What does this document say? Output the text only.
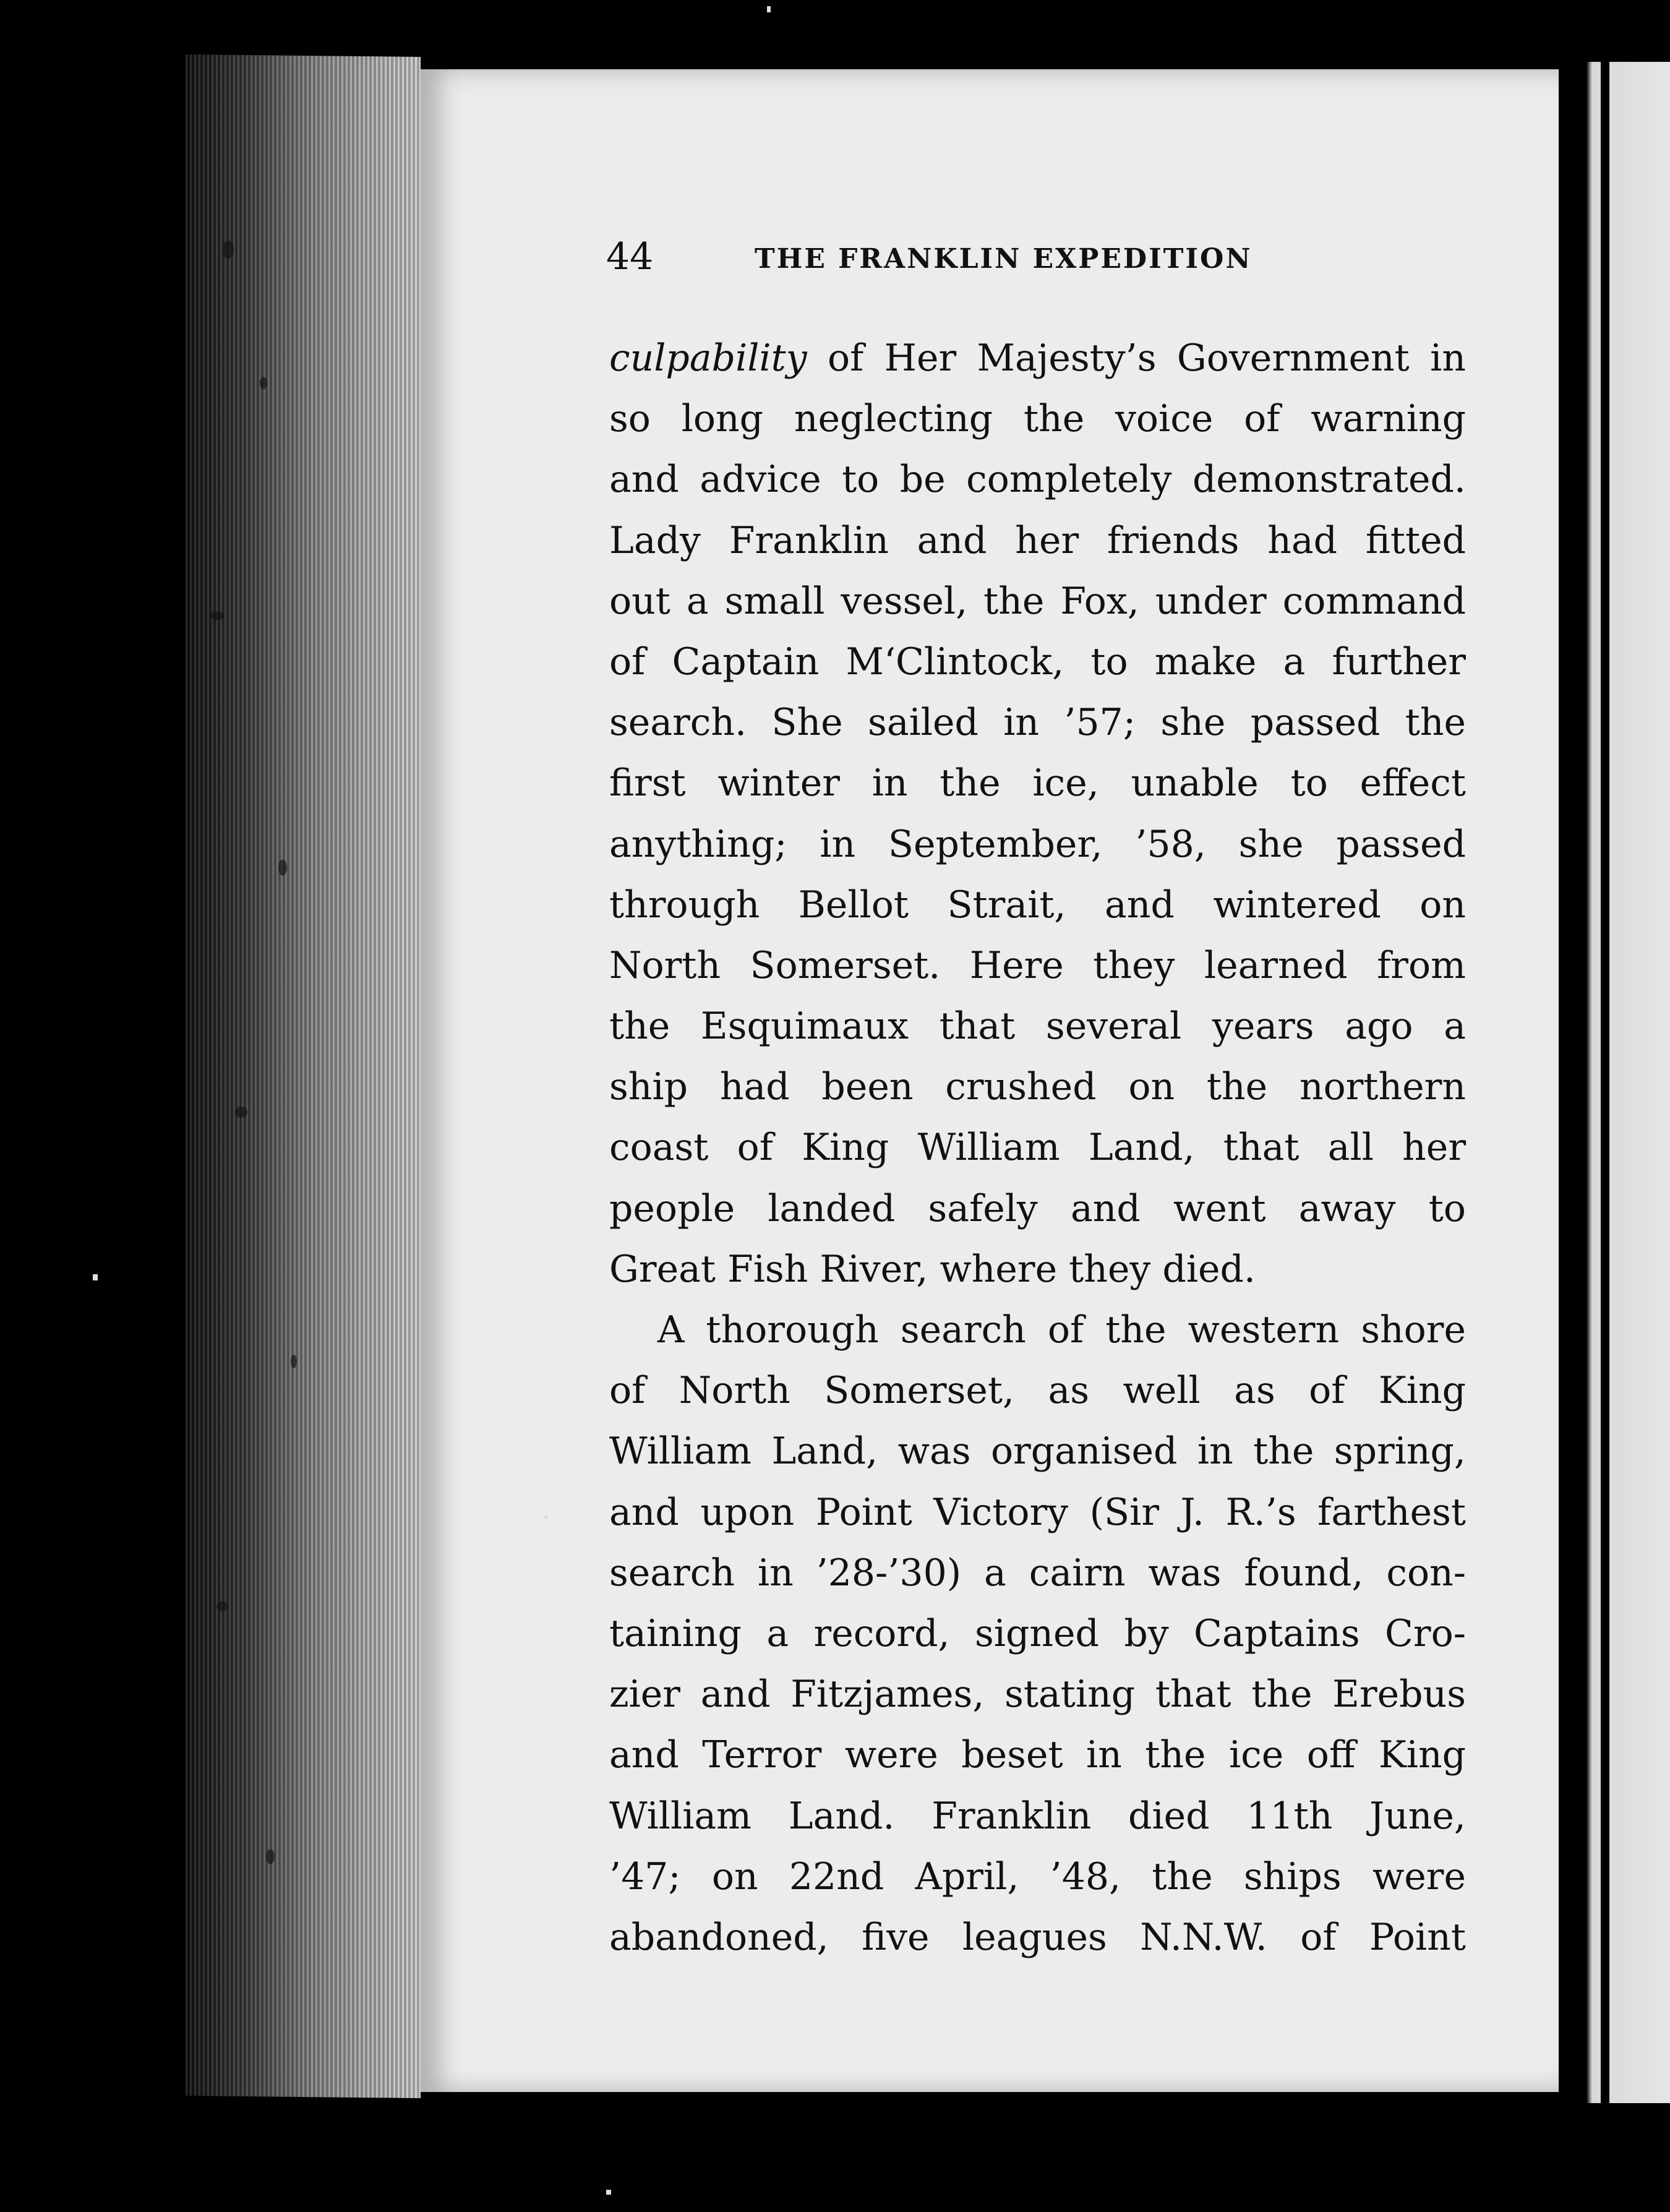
44	THE FRANKLIN EXPEDITION
culpability of Her Majesty’s Government in
so long neglecting the voice of warning
and advice to be completely demonstrated.
Lady Franklin and her friends had fitted
out a small vessel, the Fox, under command
of Captain M‘Clintock, to make a further
search. She sailed in ’57; she passed the
first winter in the ice, unable to effect
anything; in September, ’58, she passed
through Bellot Strait, and wintered on
North Somerset. Here they learned from
the Esquimaux that several years ago a
ship had been crushed on the northern
coast of King William Land, that all her
people landed safely and went away to
Great Fish River, where they died.
A thorough search of the western shore
of North Somerset, as well as of King
William Land, was organised in the spring,
and upon Point Victory (Sir J. R.’s farthest
search in ’28-’30) a cairn was found, con-
taining a record, signed by Captains Cro-
zier and Fitzjames, stating that the Erebus
and Terror were beset in the ice off King
William Land. Franklin died 11th June,
’47; on 22nd April, ’48, the ships were
abandoned, five leagues N.N.W. of Point
